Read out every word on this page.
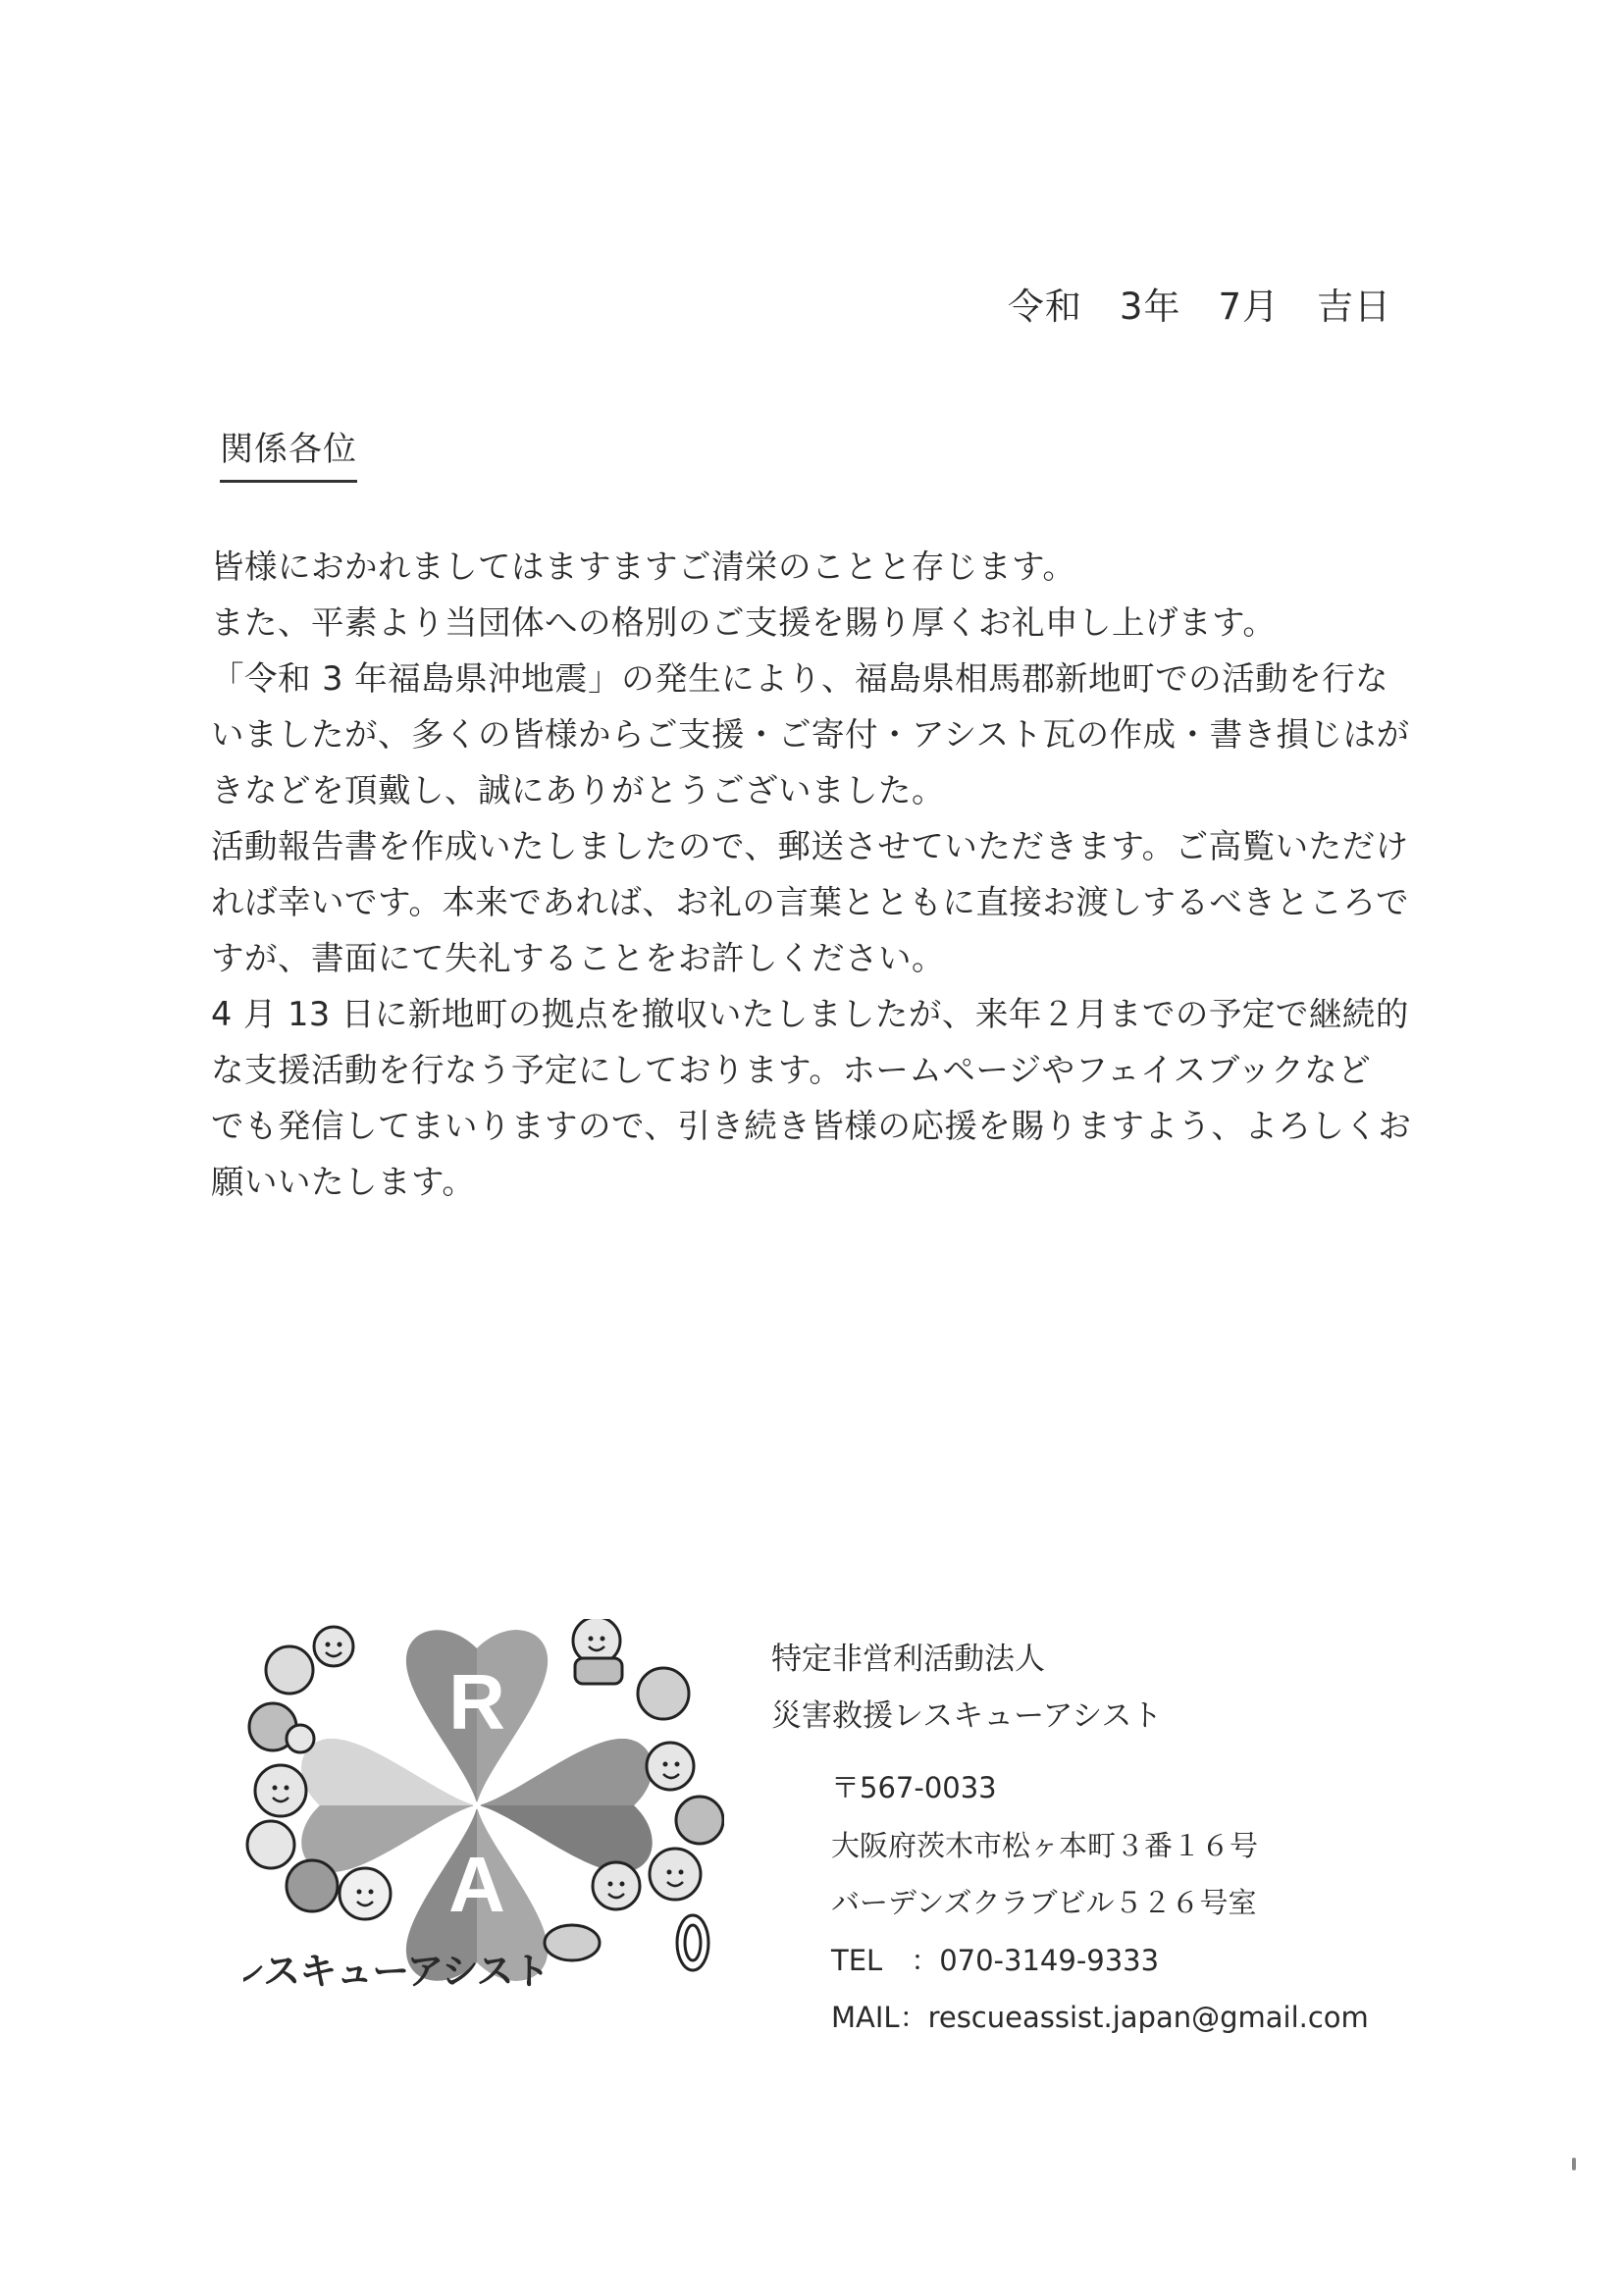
令和　3年　7月　吉日
関係各位
皆様におかれましてはますますご清栄のことと存じます。
また、平素より当団体への格別のご支援を賜り厚くお礼申し上げます。
「令和 3 年福島県沖地震」の発生により、福島県相馬郡新地町での活動を行な
いましたが、多くの皆様からご支援・ご寄付・アシスト瓦の作成・書き損じはが
きなどを頂戴し、誠にありがとうございました。
活動報告書を作成いたしましたので、郵送させていただきます。ご高覧いただけ
れば幸いです。本来であれば、お礼の言葉とともに直接お渡しするべきところで
すが、書面にて失礼することをお許しください。
4 月 13 日に新地町の拠点を撤収いたしましたが、来年２月までの予定で継続的
な支援活動を行なう予定にしております。ホームページやフェイスブックなど
でも発信してまいりますので、引き続き皆様の応援を賜りますよう、よろしくお
願いいたします。
R
A
レスキューアシスト
特定非営利活動法人
災害救援レスキューアシスト
〒567-0033
大阪府茨木市松ヶ本町３番１６号
バーデンズクラブビル５２６号室
TEL　：070-3149-9333
MAIL：rescueassist.japan@gmail.com
